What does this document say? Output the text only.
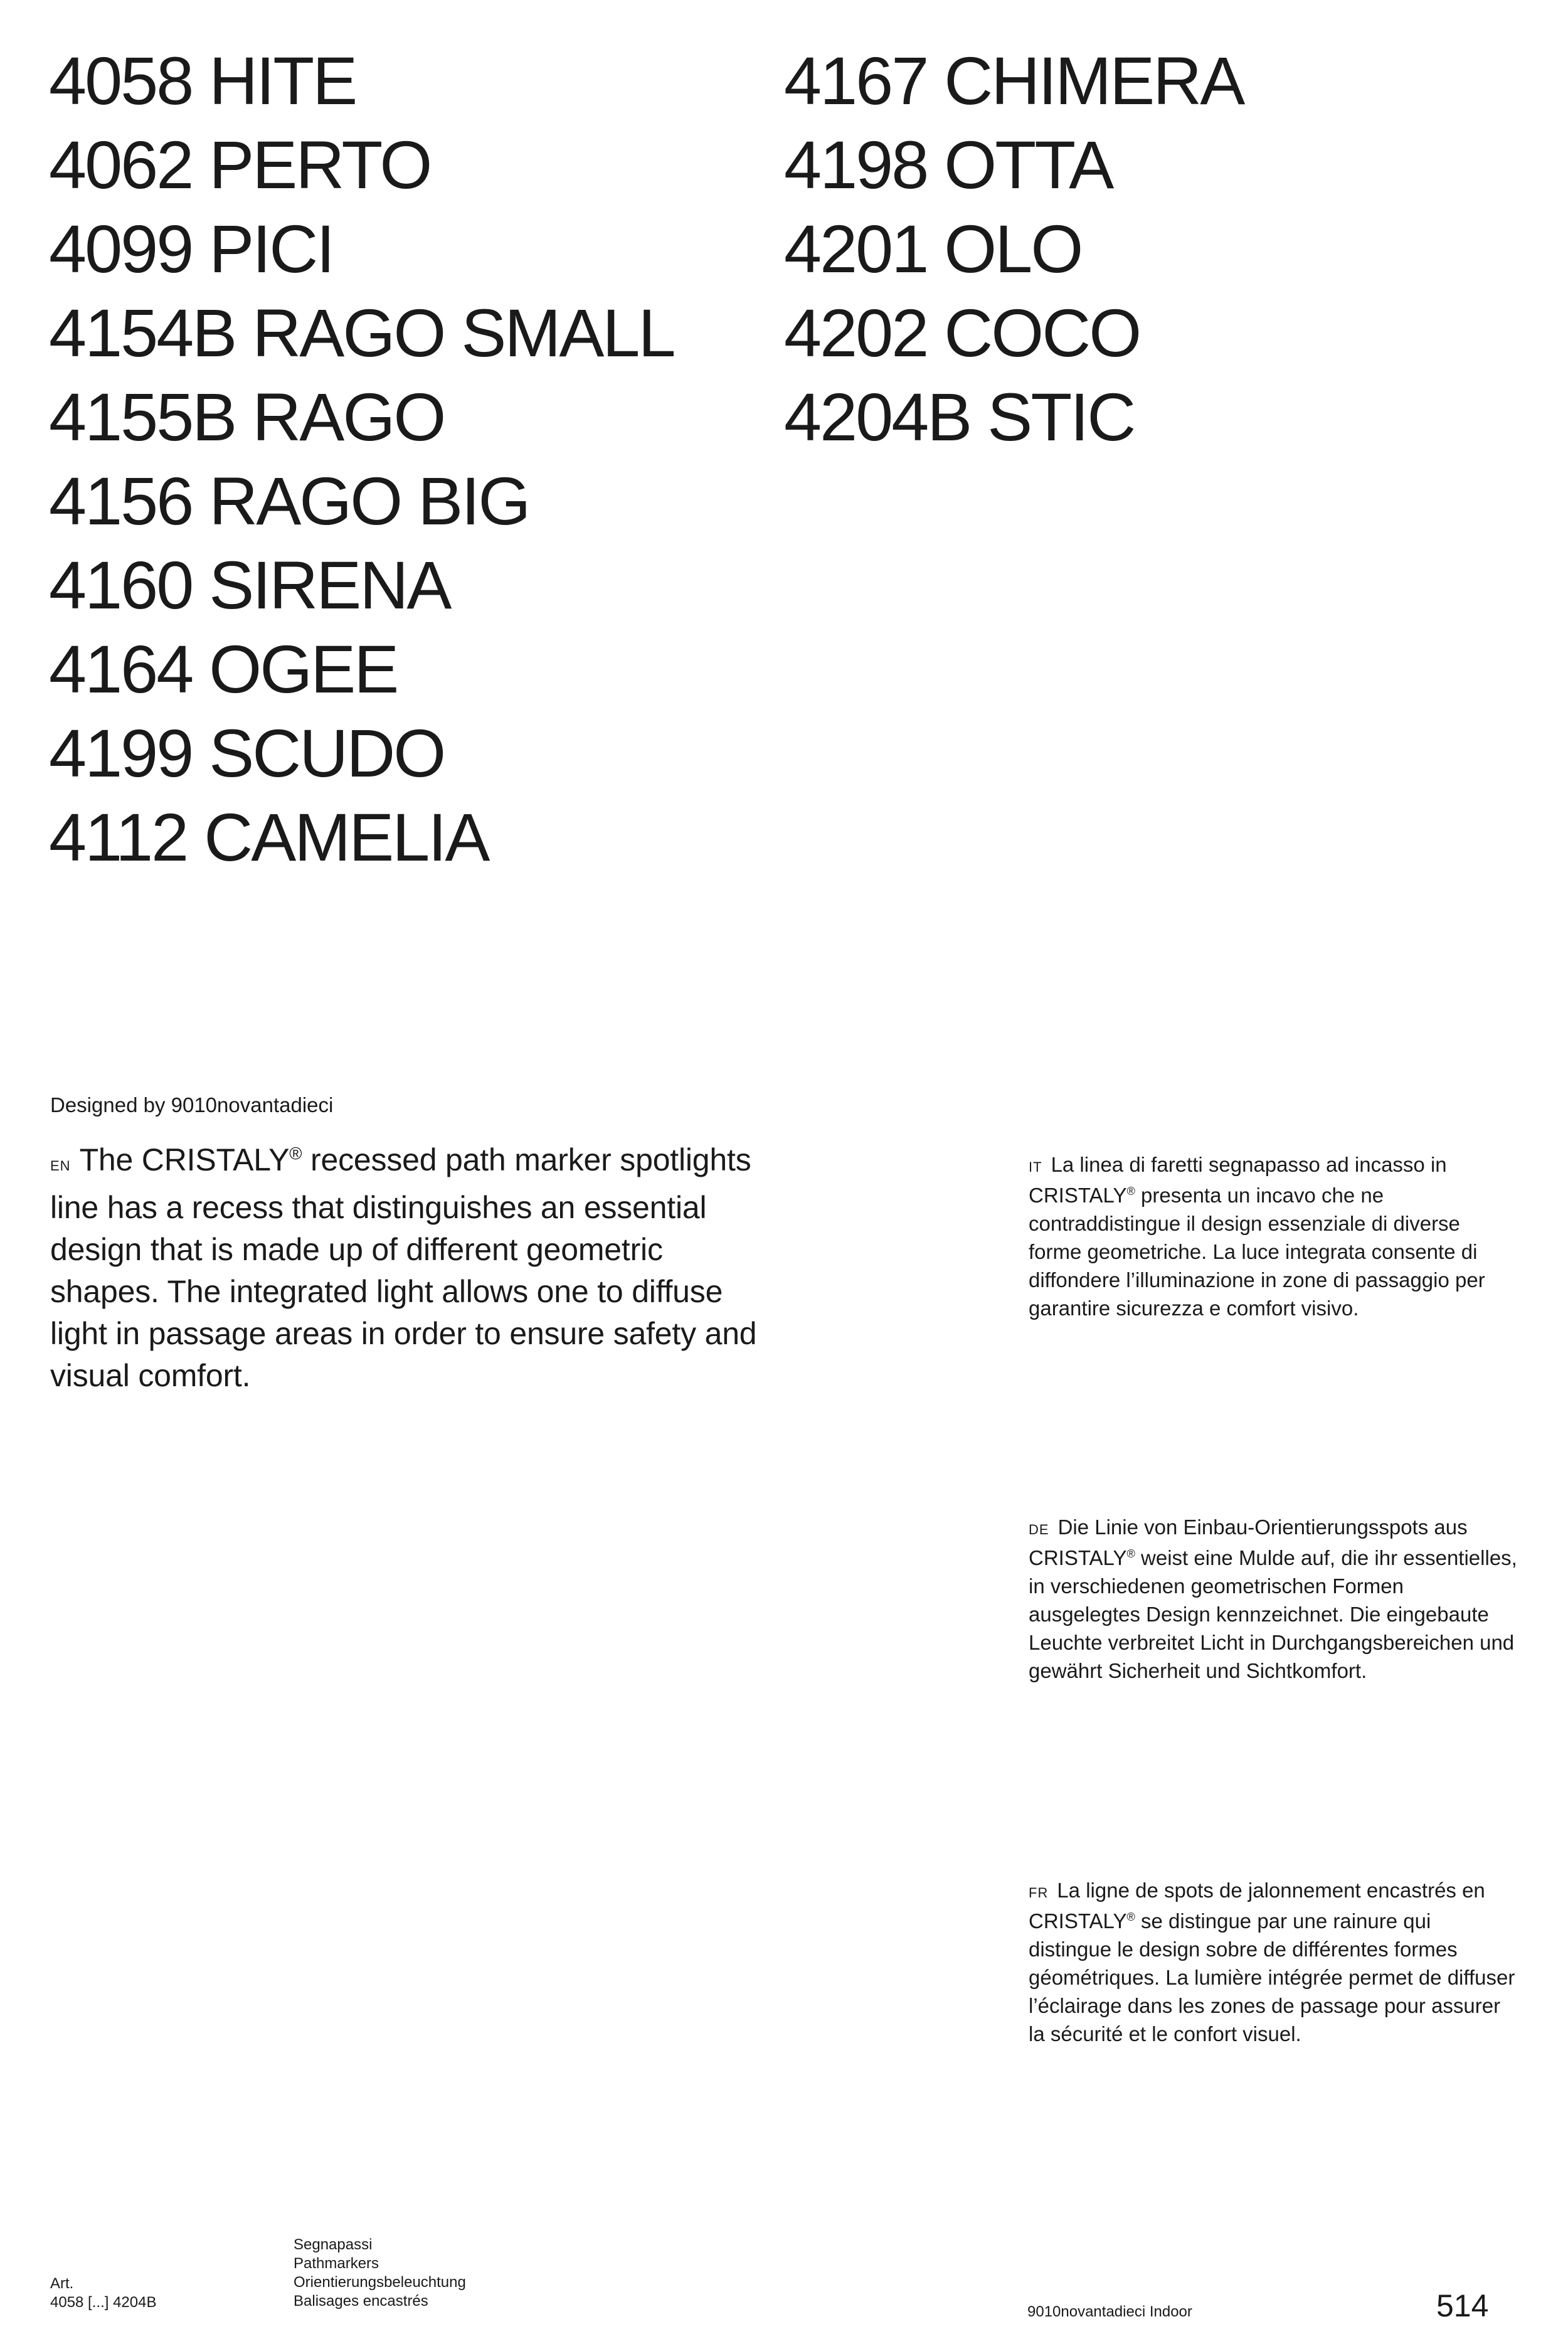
4058 HITE
4062 PERTO
4099 PICI
4154B RAGO SMALL
4155B RAGO
4156 RAGO BIG
4160 SIRENA
4164 OGEE
4199 SCUDO
4112 CAMELIA
4167 CHIMERA
4198 OTTA
4201 OLO
4202 COCO
4204B STIC
Designed by 9010novantadieci

EN The CRISTALY® recessed path marker spotlights line has a recess that distinguishes an essential design that is made up of different geometric shapes. The integrated light allows one to diffuse light in passage areas in order to ensure safety and visual comfort.

IT La linea di faretti segnapasso ad incasso in CRISTALY® presenta un incavo che ne contraddistingue il design essenziale di diverse forme geometriche. La luce integrata consente di diffondere l’illuminazione in zone di passaggio per garantire sicurezza e comfort visivo.

DE Die Linie von Einbau-Orientierungsspots aus CRISTALY® weist eine Mulde auf, die ihr essentielles, in verschiedenen geometrischen Formen ausgelegtes Design kennzeichnet. Die eingebaute Leuchte verbreitet Licht in Durchgangsbereichen und gewährt Sicherheit und Sichtkomfort.

FR La ligne de spots de jalonnement encastrés en CRISTALY® se distingue par une rainure qui distingue le design sobre de différentes formes géométriques. La lumière intégrée permet de diffuser l’éclairage dans les zones de passage pour assurer la sécurité et le confort visuel.

Art.
4058 [...] 4204B
Segnapassi
Pathmarkers
Orientierungsbeleuchtung
Balisages encastrés
9010novantadieci Indoor	514
